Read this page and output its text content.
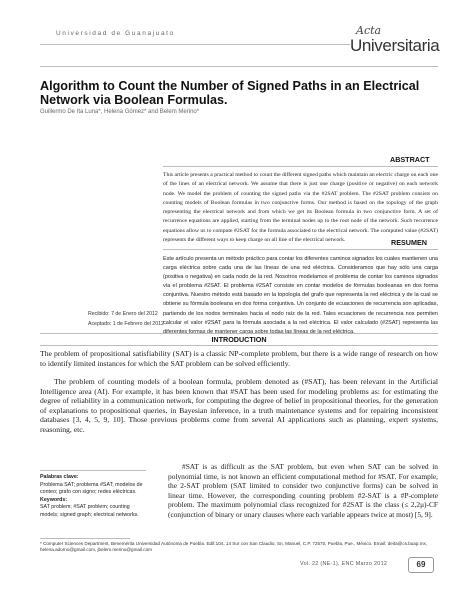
Universidad de Guanajuato	Acta
Universitaria
Algorithm to Count the Number of Signed Paths in an Electrical Network via Boolean Formulas.
Guillermo De Ita Luna*, Helena Gómez* and Belem Merino*
ABSTRACT
This article presents a practical method to count the different signed paths which maintain an electric charge on each one of the lines of an electrical network. We assume that there is just one charge (positive or negative) on each network node. We model the problem of counting the signed paths via the #2SAT problem. The #2SAT problem consists on counting models of Boolean formulas in two conjunctive forms. Our method is based on the topology of the graph representing the electrical network and from which we get its Boolean formula in two conjunctive form. A set of recurrence equations are applied, starting from the terminal nodes up to the root node of the network. Such recurrence equations allow us to compute #2SAT for the formula associated to the electrical network. The computed value (#2SAT) represents the different ways to keep charge on all line of the electrical network.	RESUMEN
Este artículo presenta un método práctico para contar los diferentes caminos signados los cuales mantienen una carga eléctrica sobre cada una de las líneas de una red eléctrica. Consideramos que hay sólo una carga (positiva o negativa) en cada nodo de la red. Nosotros modelamos el problema de contar los caminos signados vía el problema #2SAT. El problema #2SAT consiste en contar modelos de fórmulas booleanas en dos forma conjuntiva. Nuestro método está basado en la topología del grafo que representa la red eléctrica y de la cual se obtiene su fórmula booleana en dos forma conjuntiva. Un conjunto de ecuaciones de recurrencia son aplicadas, partiendo de los nodos terminales hacia el nodo raíz de la red. Tales ecuaciones de recurrencia nos permiten calcular el valor #2SAT para la fórmula asociada a la red eléctrica. El valor calculado (#2SAT) representa las diferentes formas de mantener carga sobre todas las líneas de la red eléctrica.
Recibido: 7 de Enero del 2012
Aceptado: 1 de Febrero del 2012
INTRODUCTION
The problem of propositional satisfiability (SAT) is a classic NP-complete problem, but there is a wide range of research on how to identify limited instances for which the SAT problem can be solved efficiently.
The problem of counting models of a boolean formula, problem denoted as (#SAT), has been relevant in the Artificial Intelligence area (AI). For example, it has been known that #SAT has been used for modeling problems as: for estimating the degree of reliability in a communication network, for computing the degree of belief in propositional theories, for the generation of explanations to propositional queries, in Bayesian inference, in a truth maintenance systems and for repairing inconsistent databases [3, 4, 5, 9, 10]. Those previous problems come from several AI applications such as planning, expert systems, reasoning, etc.
Palabras clave:
Problema SAT; problema #SAT; modelos de conteo; grafo con signo; redes eléctricas.
Keywords:
SAT problem; #SAT problem; counting models; signed graph; electrical networks.
#SAT is as difficult as the SAT problem, but even when SAT can be solved in polynomial time, is not known an efficient computational method for #SAT. For example, the 2-SAT problem (SAT limited to consider two conjunctive forms) can be solved in linear time. However, the corresponding counting problem #2-SAT is a #P-complete problem. The maximum polynomial class recognized for #2SAT is the class (≤ 2,2μ)-CF (conjunction of binary or unary clauses where each variable appears twice at most) [5, 9].
* Computer Sciences Department, Benemérita Universidad Autónoma de Puebla. Edif.104, 14 Sur con San Claudio, Sn. Manuel, C.P. 72570, Puebla, Pue., México. Email: deita@cs.buap.mx, helena.adorno@gmail.com, jbelem.merino@gmail.com
Vol. 22 (NE-1), ENC Marzo 2012	69
